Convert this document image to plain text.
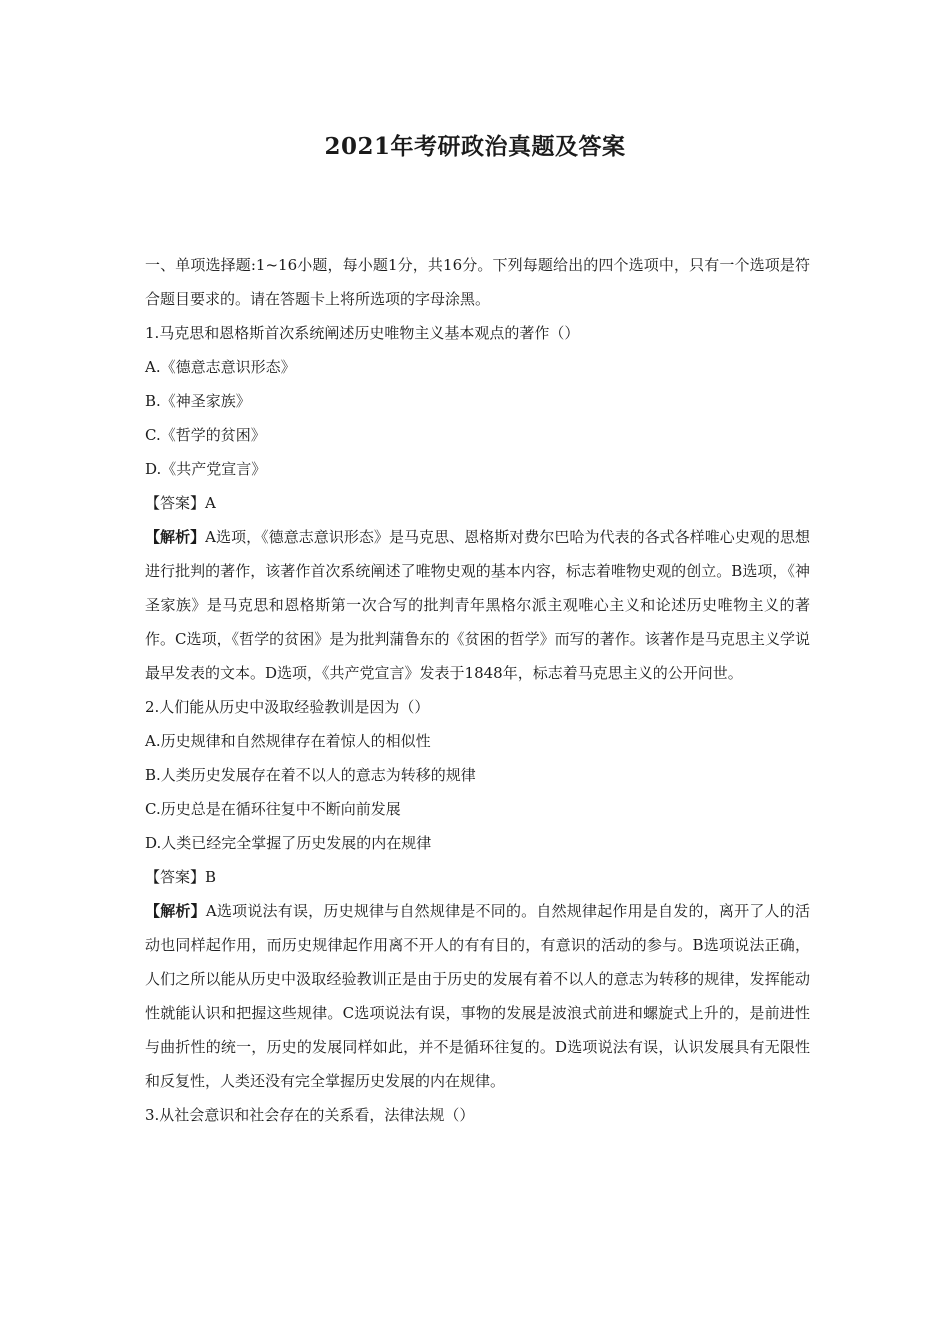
2021年考研政治真题及答案

一、单项选择题:1~16小题，每小题1分，共16分。下列每题给出的四个选项中，只有一个选项是符合题目要求的。请在答题卡上将所选项的字母涂黑。

1.马克思和恩格斯首次系统阐述历史唯物主义基本观点的著作（）

A.《德意志意识形态》

B.《神圣家族》

C.《哲学的贫困》

D.《共产党宣言》

【答案】A

【解析】A选项，《德意志意识形态》是马克思、恩格斯对费尔巴哈为代表的各式各样唯心史观的思想进行批判的著作，该著作首次系统阐述了唯物史观的基本内容，标志着唯物史观的创立。B选项，《神圣家族》是马克思和恩格斯第一次合写的批判青年黑格尔派主观唯心主义和论述历史唯物主义的著作。C选项，《哲学的贫困》是为批判蒲鲁东的《贫困的哲学》而写的著作。该著作是马克思主义学说最早发表的文本。D选项，《共产党宣言》发表于1848年，标志着马克思主义的公开问世。

2.人们能从历史中汲取经验教训是因为（）

A.历史规律和自然规律存在着惊人的相似性

B.人类历史发展存在着不以人的意志为转移的规律

C.历史总是在循环往复中不断向前发展

D.人类已经完全掌握了历史发展的内在规律

【答案】B

【解析】A选项说法有误，历史规律与自然规律是不同的。自然规律起作用是自发的，离开了人的活动也同样起作用，而历史规律起作用离不开人的有有目的，有意识的活动的参与。B选项说法正确，人们之所以能从历史中汲取经验教训正是由于历史的发展有着不以人的意志为转移的规律，发挥能动性就能认识和把握这些规律。C选项说法有误，事物的发展是波浪式前进和螺旋式上升的，是前进性与曲折性的统一，历史的发展同样如此，并不是循环往复的。D选项说法有误，认识发展具有无限性和反复性，人类还没有完全掌握历史发展的内在规律。

3.从社会意识和社会存在的关系看，法律法规（）
